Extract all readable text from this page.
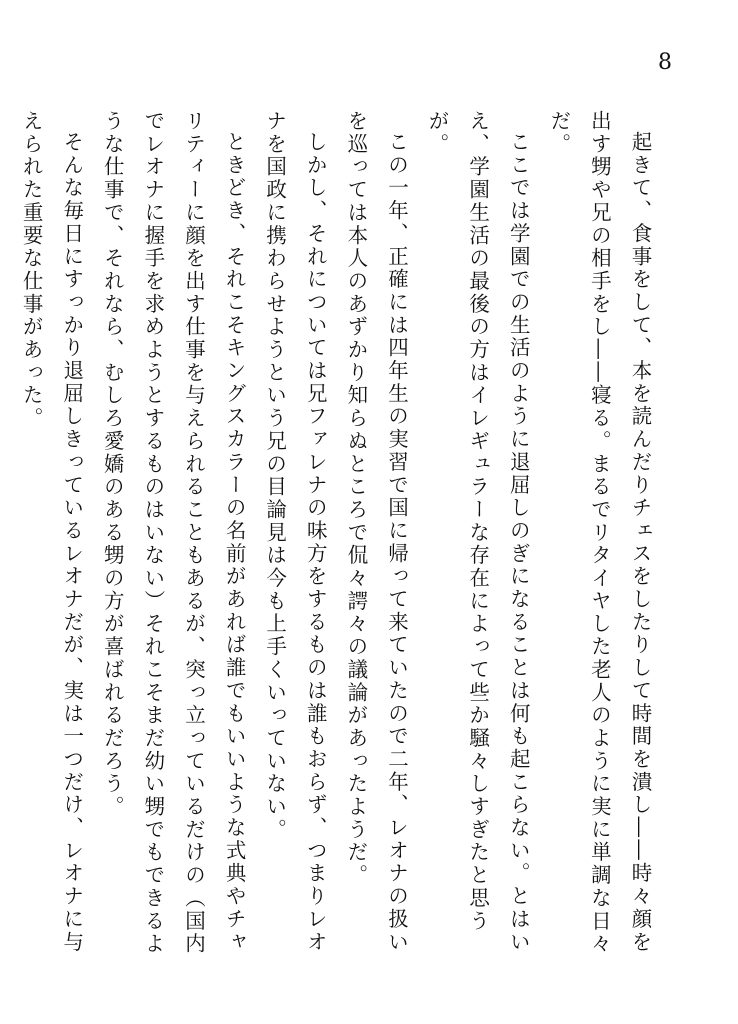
8

起きて、食事をして、本を読んだりチェスをしたりして時間を潰し――時々顔を出す甥や兄の相手をし――寝る。まるでリタイヤした老人のように実に単調な日々だ。

ここでは学園での生活のように退屈しのぎになることは何も起こらない。とはいえ、学園生活の最後の方はイレギュラーな存在によって些か騒々しすぎたと思うが。

この一年、正確には四年生の実習で国に帰って来ていたので二年、レオナの扱いを巡っては本人のあずかり知らぬところで侃々諤々の議論があったようだ。

しかし、それについては兄ファレナの味方をするものは誰もおらず、つまりレオナを国政に携わらせようという兄の目論見は今も上手くいっていない。

ときどき、それこそキングスカラーの名前があれば誰でもいいような式典やチャリティーに顔を出す仕事を与えられることもあるが、突っ立っているだけの（国内でレオナに握手を求めようとするものはいない）それこそまだ幼い甥でもできるような仕事で、それなら、むしろ愛嬌のある甥の方が喜ばれるだろう。

そんな毎日にすっかり退屈しきっているレオナだが、実は一つだけ、レオナに与えられた重要な仕事があった。
